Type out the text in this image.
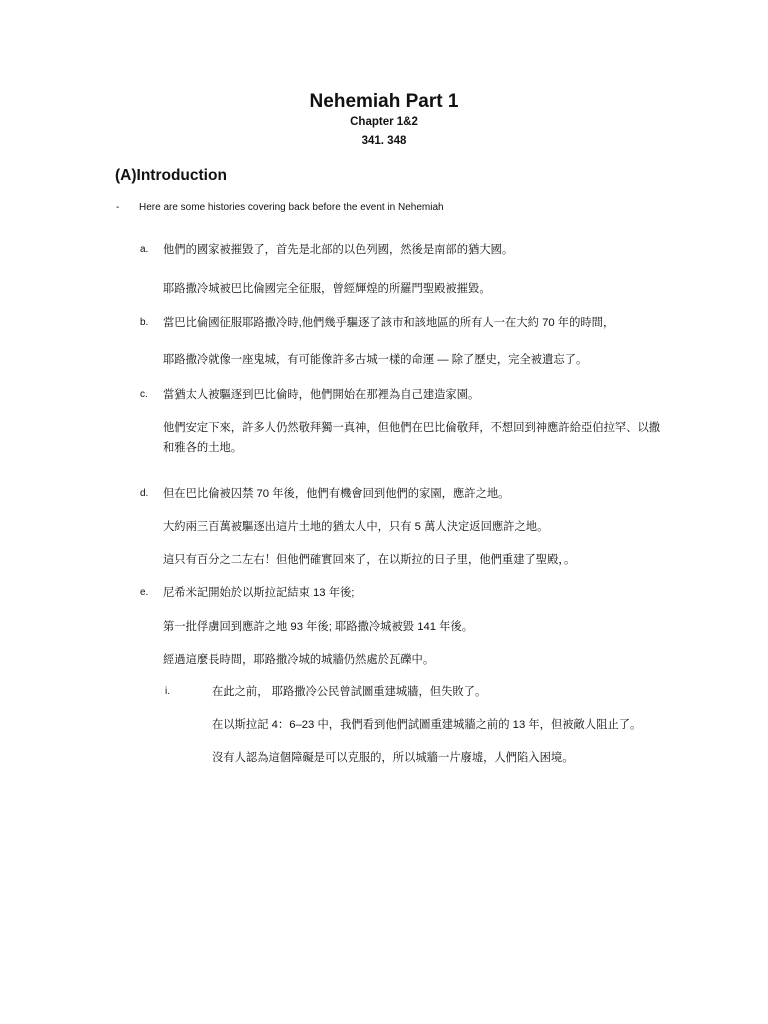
Nehemiah Part 1
Chapter 1&2
341. 348
(A)Introduction
- Here are some histories covering back before the event in Nehemiah
a. 他們的國家被摧毀了，首先是北部的以色列國，然後是南部的猶大國。
耶路撒冷城被巴比倫國完全征服，曾經輝煌的所羅門聖殿被摧毀。
b. 當巴比倫國征服耶路撒冷時,他們幾乎驅逐了該市和該地區的所有人一在大約 70 年的時間，
耶路撒冷就像一座鬼城，有可能像許多古城一樣的命運 — 除了歷史，完全被遺忘了。
c. 當猶太人被驅逐到巴比倫時，他們開始在那裡為自己建造家園。
他們安定下來，許多人仍然敬拜獨一真神，但他們在巴比倫敬拜，不想回到神應許給亞伯拉罕、以撒
和雅各的土地。
d. 但在巴比倫被囚禁 70 年後，他們有機會回到他們的家園，應許之地。
大約兩三百萬被驅逐出這片土地的猶太人中，只有 5 萬人決定返回應許之地。
這只有百分之二左右！但他們確實回來了，在以斯拉的日子里，他們重建了聖殿，。
e. 尼希米記開始於以斯拉記結束 13 年後;
第一批俘虜回到應許之地 93 年後; 耶路撒冷城被毀 141 年後。
經過這麼長時間，耶路撒冷城的城牆仍然處於瓦礫中。
i.	在此之前， 耶路撒冷公民曾試圖重建城牆，但失敗了。
在以斯拉記 4：6–23 中，我們看到他們試圖重建城牆之前的 13 年，但被敵人阻止了。
沒有人認為這個障礙是可以克服的，所以城牆一片廢墟，人們陷入困境。
